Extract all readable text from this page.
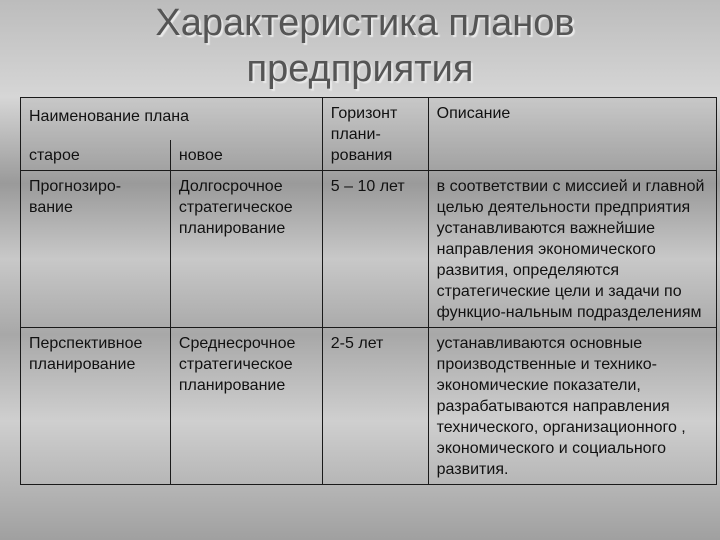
Характеристика планов
предприятия
Наименование плана		Горизонт плани-рования	Описание
старое	новое		
Прогнозиро-вание	Долгосрочное стратегическое планирование	5 – 10 лет	в соответствии с миссией и главной целью деятельности предприятия устанавливаются важнейшие направления экономического развития, определяются стратегические цели и задачи по функцио-нальным подразделениям
Перспективное планирование	Среднесрочное стратегическое планирование	2-5 лет	устанавливаются основные производственные и технико-экономические показатели, разрабатываются направления технического, организационного , экономического и социального развития.
